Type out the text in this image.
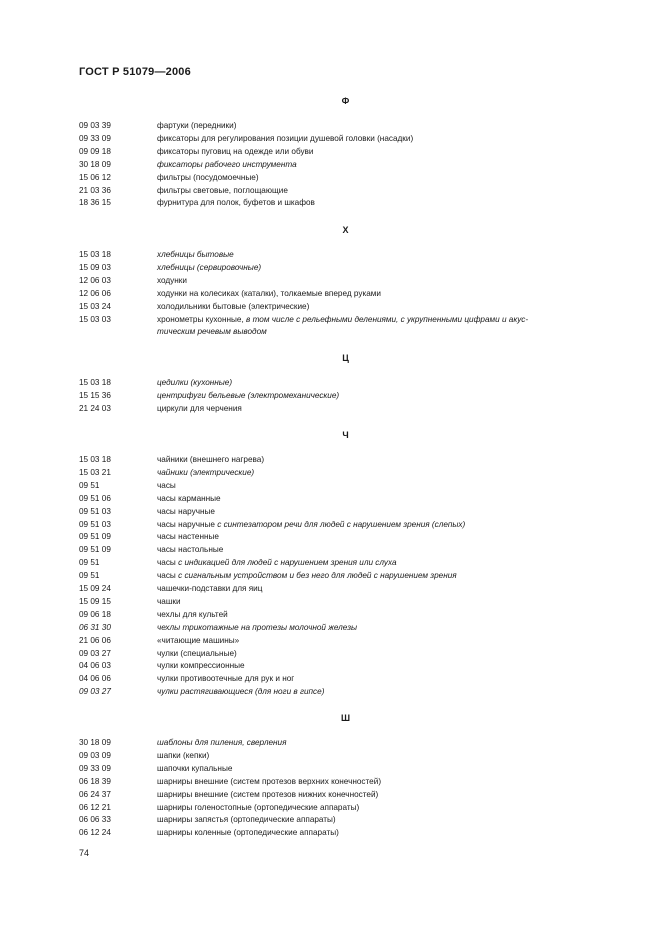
ГОСТ Р 51079—2006
Ф
09 03 39	фартуки (передники)
09 33 09	фиксаторы для регулирования позиции душевой головки (насадки)
09 09 18	фиксаторы пуговиц на одежде или обуви
30 18 09	фиксаторы рабочего инструмента
15 06 12	фильтры (посудомоечные)
21 03 36	фильтры световые, поглощающие
18 36 15	фурнитура для полок, буфетов и шкафов
Х
15 03 18	хлебницы бытовые
15 09 03	хлебницы (сервировочные)
12 06 03	ходунки
12 06 06	ходунки на колесиках (каталки), толкаемые вперед руками
15 03 24	холодильники бытовые (электрические)
15 03 03	хронометры кухонные, в том числе с рельефными делениями, с укрупненными цифрами и акус-
тическим речевым выводом
Ц
15 03 18	цедилки (кухонные)
15 15 36	центрифуги бельевые (электромеханические)
21 24 03	циркули для черчения
Ч
15 03 18	чайники (внешнего нагрева)
15 03 21	чайники (электрические)
09 51	часы
09 51 06	часы карманные
09 51 03	часы наручные
09 51 03	часы наручные с синтезатором речи для людей с нарушением зрения (слепых)
09 51 09	часы настенные
09 51 09	часы настольные
09 51	часы с индикацией для людей с нарушением зрения или слуха
09 51	часы с сигнальным устройством и без него для людей с нарушением зрения
15 09 24	чашечки-подставки для яиц
15 09 15	чашки
09 06 18	чехлы для культей
06 31 30	чехлы трикотажные на протезы молочной железы
21 06 06	«читающие машины»
09 03 27	чулки (специальные)
04 06 03	чулки компрессионные
04 06 06	чулки противоотечные для рук и ног
09 03 27	чулки растягивающиеся (для ноги в гипсе)
Ш
30 18 09	шаблоны для пиления, сверления
09 03 09	шапки (кепки)
09 33 09	шапочки купальные
06 18 39	шарниры внешние (систем протезов верхних конечностей)
06 24 37	шарниры внешние (систем протезов нижних конечностей)
06 12 21	шарниры голеностопные (ортопедические аппараты)
06 06 33	шарниры запястья (ортопедические аппараты)
06 12 24	шарниры коленные (ортопедические аппараты)
74
